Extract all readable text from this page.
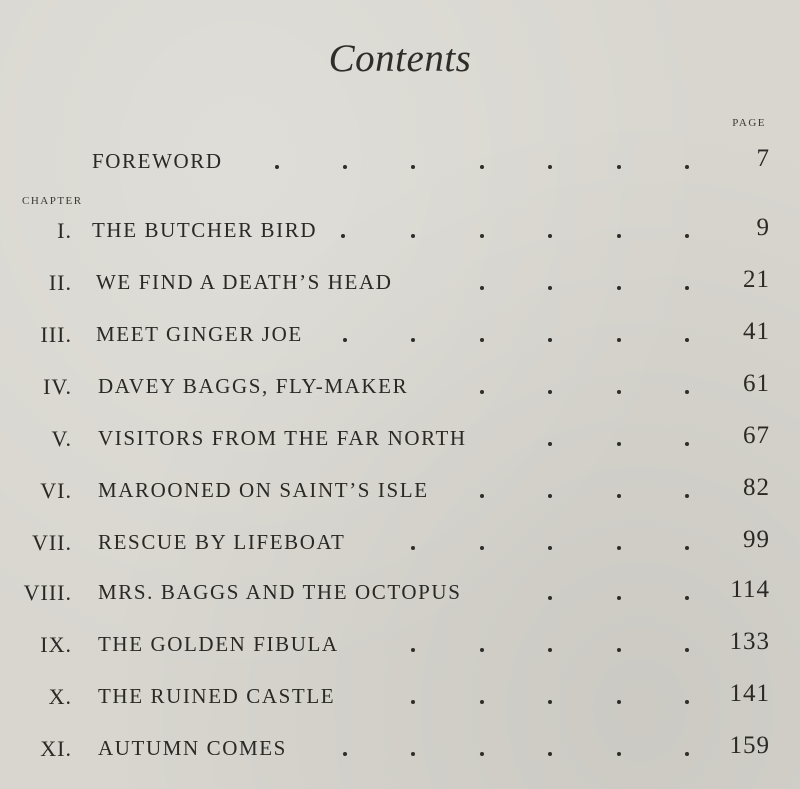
Contents
PAGE
CHAPTER
FOREWORD	7
I. THE BUTCHER BIRD	9
II. WE FIND A DEATH’S HEAD	21
III. MEET GINGER JOE	41
IV. DAVEY BAGGS, FLY-MAKER	61
V. VISITORS FROM THE FAR NORTH	67
VI. MAROONED ON SAINT’S ISLE	82
VII. RESCUE BY LIFEBOAT	99
VIII. MRS. BAGGS AND THE OCTOPUS	114
IX. THE GOLDEN FIBULA	133
X. THE RUINED CASTLE	141
XI. AUTUMN COMES	159
